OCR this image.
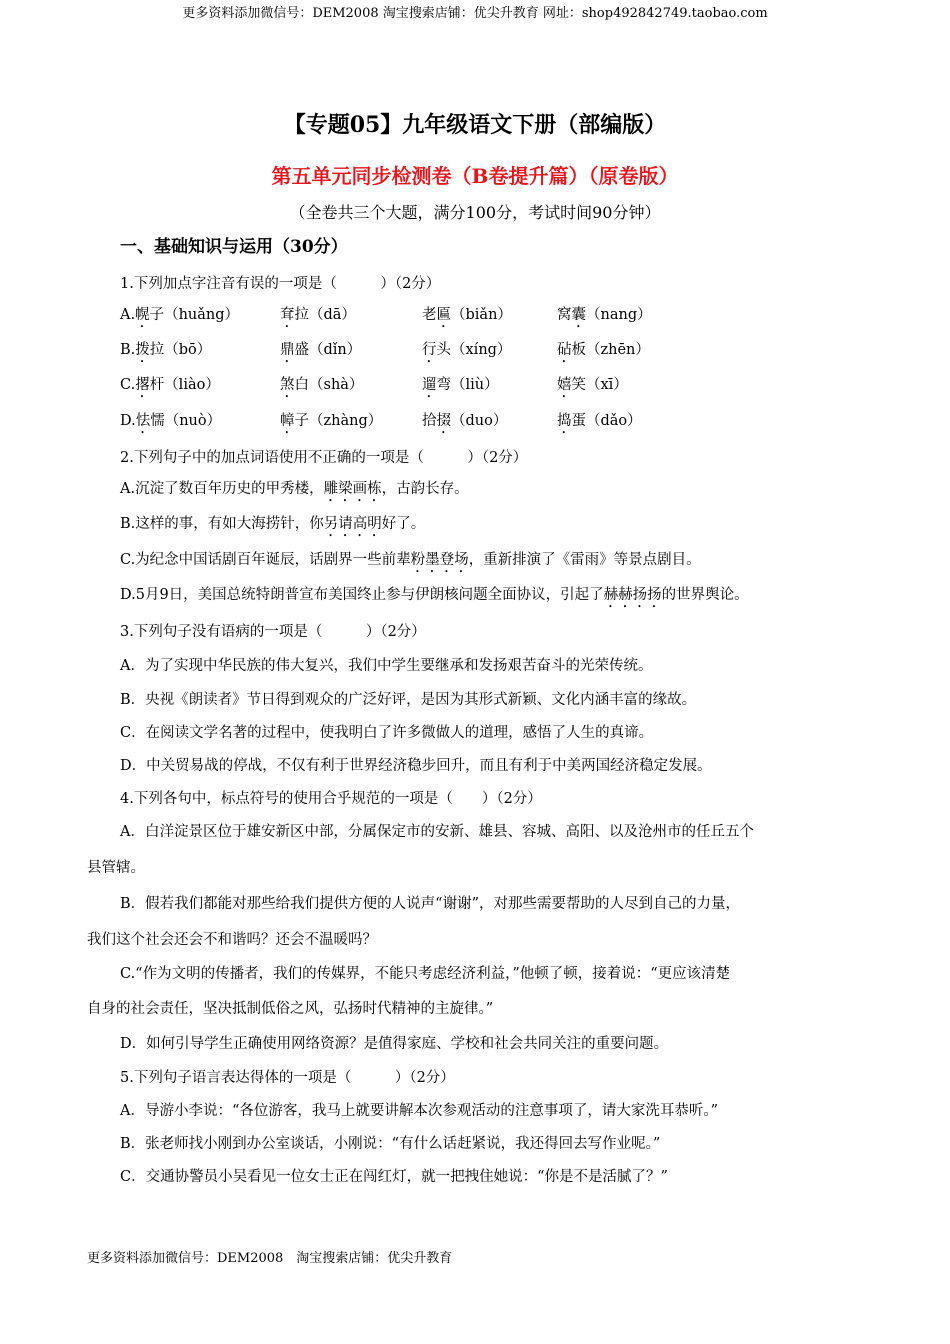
更多资料添加微信号：DEM2008 淘宝搜索店铺：优尖升教育 网址：shop492842749.taobao.com
【专题05】九年级语文下册（部编版）
第五单元同步检测卷（B卷提升篇）（原卷版）
（全卷共三个大题，满分100分，考试时间90分钟）
一、基础知识与运用（30分）
1.下列加点字注音有误的一项是（　　　）（2分）
A.幌子（huǎng）	耷拉（dā）	老匾（biǎn）	窝囊（nang）
B.拨拉（bō）	鼎盛（dǐn）	行头（xíng）	砧板（zhēn）
C.撂杆（liào）	煞白（shà）	遛弯（liù）	嬉笑（xī）
D.怯懦（nuò）	幛子（zhàng）	拾掇（duo）	捣蛋（dǎo）
2.下列句子中的加点词语使用不正确的一项是（　　　）（2分）
A.沉淀了数百年历史的甲秀楼，雕梁画栋，古韵长存。
B.这样的事，有如大海捞针，你另请高明好了。
C.为纪念中国话剧百年诞辰，话剧界一些前辈粉墨登场，重新排演了《雷雨》等景点剧目。
D.5月9日，美国总统特朗普宣布美国终止参与伊朗核问题全面协议，引起了赫赫扬扬的世界舆论。
3.下列句子没有语病的一项是（　　　）（2分）
A．为了实现中华民族的伟大复兴，我们中学生要继承和发扬艰苦奋斗的光荣传统。
B．央视《朗读者》节日得到观众的广泛好评，是因为其形式新颖、文化内涵丰富的缘故。
C．在阅读文学名著的过程中，使我明白了许多微做人的道理，感悟了人生的真谛。
D．中关贸易战的停战，不仅有利于世界经济稳步回升，而且有利于中美两国经济稳定发展。
4.下列各句中，标点符号的使用合乎规范的一项是（　　）（2分）
A．白洋淀景区位于雄安新区中部，分属保定市的安新、雄县、容城、高阳、以及沧州市的任丘五个
县管辖。
B．假若我们都能对那些给我们提供方便的人说声“谢谢”，对那些需要帮助的人尽到自己的力量，
我们这个社会还会不和谐吗？还会不温暖吗？
C.“作为文明的传播者，我们的传媒界，不能只考虑经济利益，”他顿了顿，接着说：“更应该清楚
自身的社会责任，坚决抵制低俗之风，弘扬时代精神的主旋律。”
D．如何引导学生正确使用网络资源？是值得家庭、学校和社会共同关注的重要问题。
5.下列句子语言表达得体的一项是（　　　）（2分）
A．导游小李说：“各位游客，我马上就要讲解本次参观活动的注意事项了，请大家洗耳恭听。”
B．张老师找小刚到办公室谈话，小刚说：“有什么话赶紧说，我还得回去写作业呢。”
C．交通协警员小吴看见一位女士正在闯红灯，就一把拽住她说：“你是不是活腻了？”
更多资料添加微信号：DEM2008　淘宝搜索店铺：优尖升教育
